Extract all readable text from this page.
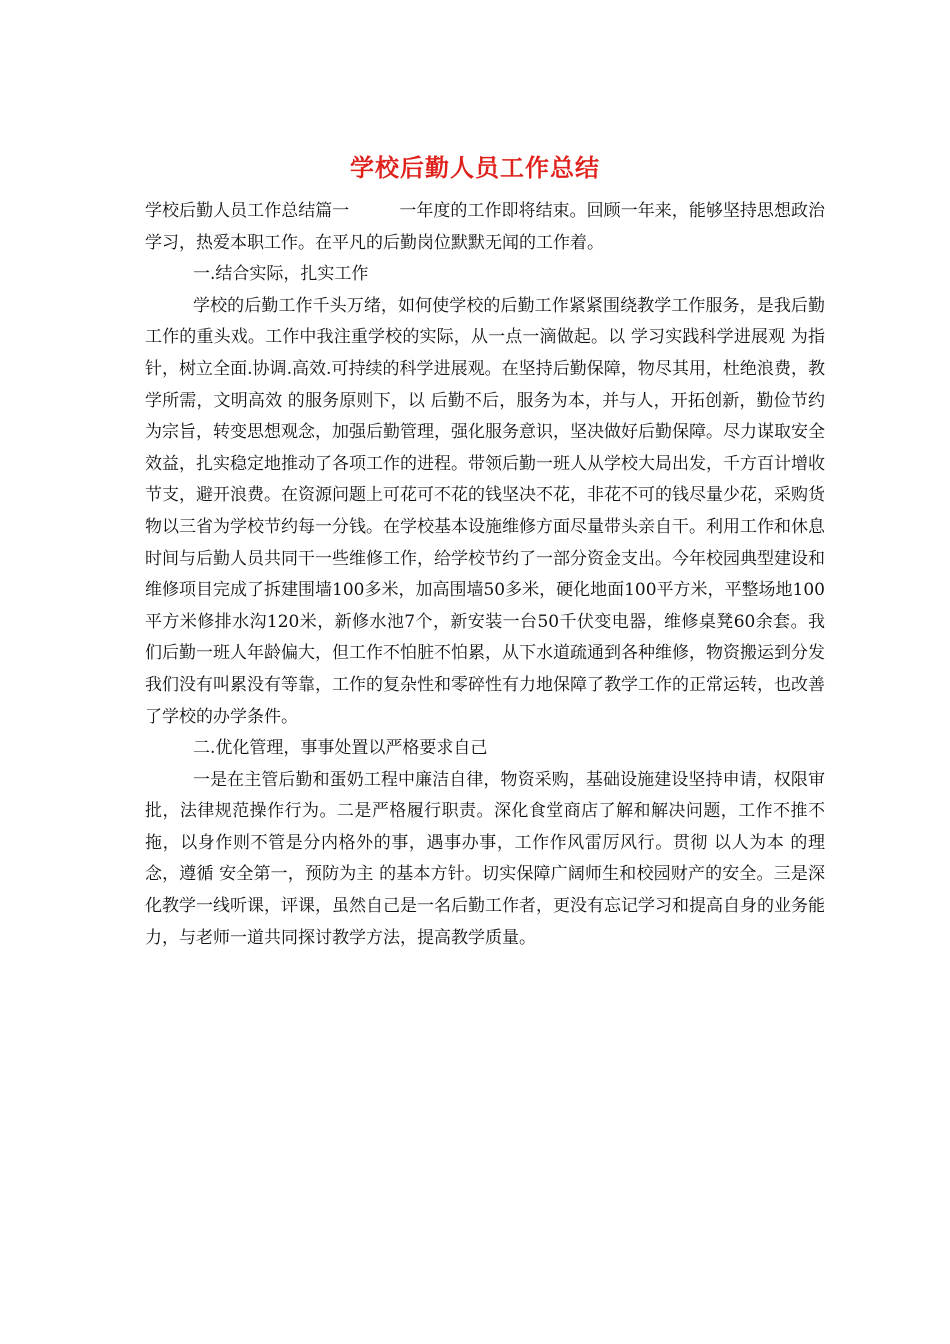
学校后勤人员工作总结

学校后勤人员工作总结篇一	一年度的工作即将结束。回顾一年来，能够坚持思想政治学习，热爱本职工作。在平凡的后勤岗位默默无闻的工作着。

一.结合实际，扎实工作

学校的后勤工作千头万绪，如何使学校的后勤工作紧紧围绕教学工作服务，是我后勤工作的重头戏。工作中我注重学校的实际，从一点一滴做起。以 学习实践科学进展观 为指针，树立全面.协调.高效.可持续的科学进展观。在坚持后勤保障，物尽其用，杜绝浪费，教学所需，文明高效 的服务原则下，以 后勤不后，服务为本，并与人，开拓创新，勤俭节约 为宗旨，转变思想观念，加强后勤管理，强化服务意识，坚决做好后勤保障。尽力谋取安全效益，扎实稳定地推动了各项工作的进程。带领后勤一班人从学校大局出发，千方百计增收节支，避开浪费。在资源问题上可花可不花的钱坚决不花，非花不可的钱尽量少花，采购货物以三省为学校节约每一分钱。在学校基本设施维修方面尽量带头亲自干。利用工作和休息时间与后勤人员共同干一些维修工作，给学校节约了一部分资金支出。今年校园典型建设和维修项目完成了拆建围墙100多米，加高围墙50多米，硬化地面100平方米，平整场地100平方米修排水沟120米，新修水池7个，新安装一台50千伏变电器，维修桌凳60余套。我们后勤一班人年龄偏大，但工作不怕脏不怕累，从下水道疏通到各种维修，物资搬运到分发我们没有叫累没有等靠，工作的复杂性和零碎性有力地保障了教学工作的正常运转，也改善了学校的办学条件。

二.优化管理，事事处置以严格要求自己

一是在主管后勤和蛋奶工程中廉洁自律，物资采购，基础设施建设坚持申请，权限审批，法律规范操作行为。二是严格履行职责。深化食堂商店了解和解决问题，工作不推不拖，以身作则不管是分内格外的事，遇事办事，工作作风雷厉风行。贯彻 以人为本 的理念，遵循 安全第一，预防为主 的基本方针。切实保障广阔师生和校园财产的安全。三是深化教学一线听课，评课，虽然自己是一名后勤工作者，更没有忘记学习和提高自身的业务能力，与老师一道共同探讨教学方法，提高教学质量。
